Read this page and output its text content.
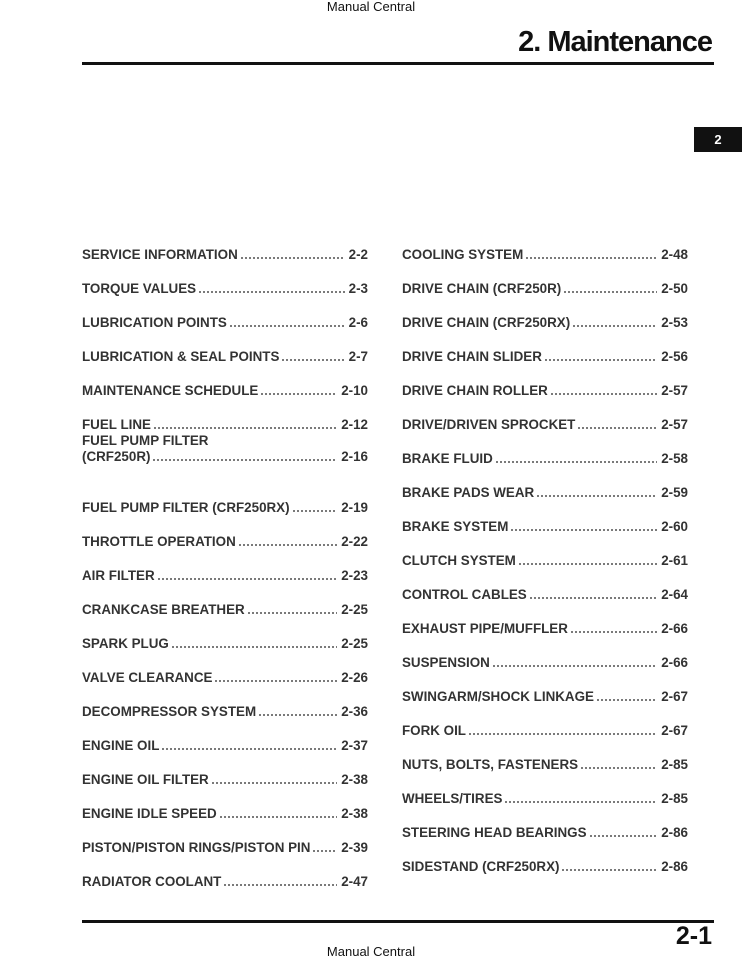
Manual Central
2. Maintenance
2
SERVICE INFORMATION	2-2
TORQUE VALUES	2-3
LUBRICATION POINTS	2-6
LUBRICATION & SEAL POINTS	2-7
MAINTENANCE SCHEDULE	2-10
FUEL LINE	2-12
FUEL PUMP FILTER
(CRF250R)	2-16
FUEL PUMP FILTER (CRF250RX)	2-19
THROTTLE OPERATION	2-22
AIR FILTER	2-23
CRANKCASE BREATHER	2-25
SPARK PLUG	2-25
VALVE CLEARANCE	2-26
DECOMPRESSOR SYSTEM	2-36
ENGINE OIL	2-37
ENGINE OIL FILTER	2-38
ENGINE IDLE SPEED	2-38
PISTON/PISTON RINGS/PISTON PIN 2-39
RADIATOR COOLANT	2-47
COOLING SYSTEM	2-48
DRIVE CHAIN (CRF250R)	2-50
DRIVE CHAIN (CRF250RX)	2-53
DRIVE CHAIN SLIDER	2-56
DRIVE CHAIN ROLLER	2-57
DRIVE/DRIVEN SPROCKET	2-57
BRAKE FLUID	2-58
BRAKE PADS WEAR	2-59
BRAKE SYSTEM	2-60
CLUTCH SYSTEM	2-61
CONTROL CABLES	2-64
EXHAUST PIPE/MUFFLER	2-66
SUSPENSION	2-66
SWINGARM/SHOCK LINKAGE	2-67
FORK OIL	2-67
NUTS, BOLTS, FASTENERS	2-85
WHEELS/TIRES	2-85
STEERING HEAD BEARINGS	2-86
SIDESTAND (CRF250RX)	2-86
2-1
Manual Central
